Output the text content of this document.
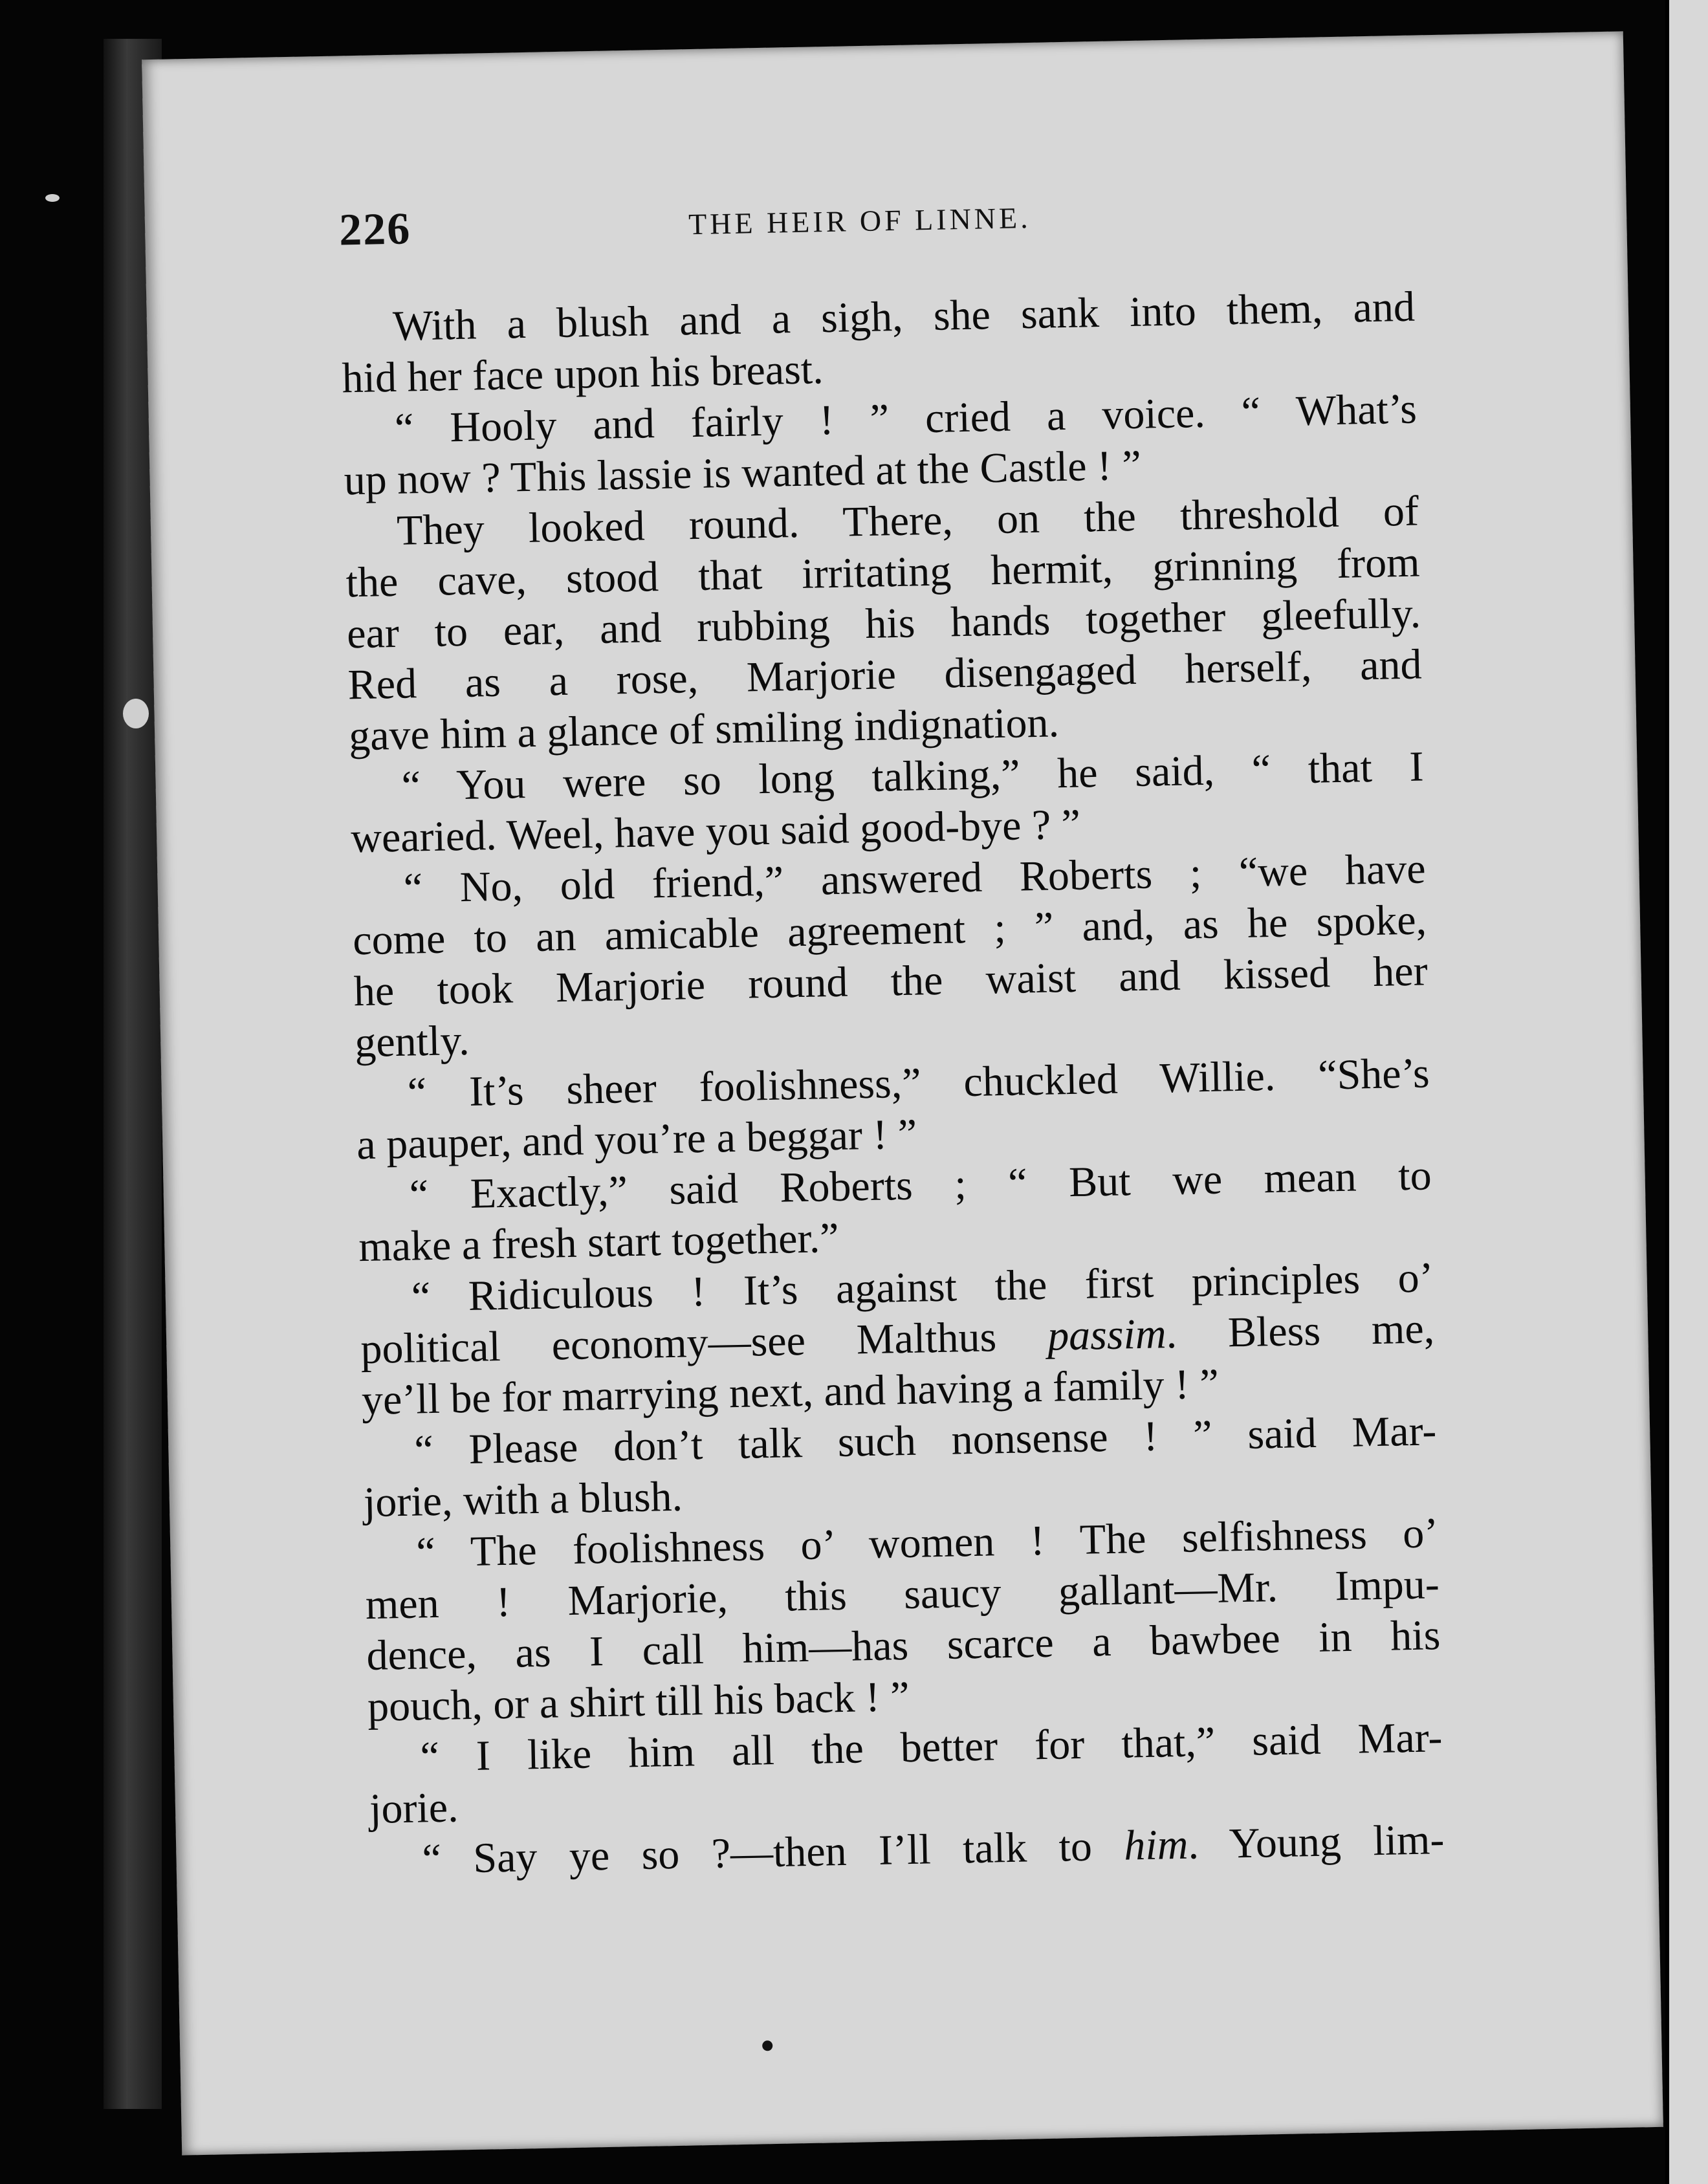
226	THE HEIR OF LINNE.
With a blush and a sigh, she sank into them, and
hid her face upon his breast.
“ Hooly and fairly ! ” cried a voice. “ What’s
up now ? This lassie is wanted at the Castle ! ”
They looked round. There, on the threshold of
the cave, stood that irritating hermit, grinning from
ear to ear, and rubbing his hands together gleefully.
Red as a rose, Marjorie disengaged herself, and
gave him a glance of smiling indignation.
“ You were so long talking,” he said, “ that I
wearied. Weel, have you said good-bye ? ”
“ No, old friend,” answered Roberts ; “we have
come to an amicable agreement ; ” and, as he spoke,
he took Marjorie round the waist and kissed her
gently.
“ It’s sheer foolishness,” chuckled Willie. “She’s
a pauper, and you’re a beggar ! ”
“ Exactly,” said Roberts ; “ But we mean to
make a fresh start together.”
“ Ridiculous ! It’s against the first principles o’
political economy—see Malthus passim. Bless me,
ye’ll be for marrying next, and having a family ! ”
“ Please don’t talk such nonsense ! ” said Mar-
jorie, with a blush.
“ The foolishness o’ women ! The selfishness o’
men ! Marjorie, this saucy gallant—Mr. Impu-
dence, as I call him—has scarce a bawbee in his
pouch, or a shirt till his back ! ”
“ I like him all the better for that,” said Mar-
jorie.
“ Say ye so ?—then I’ll talk to him. Young lim-
